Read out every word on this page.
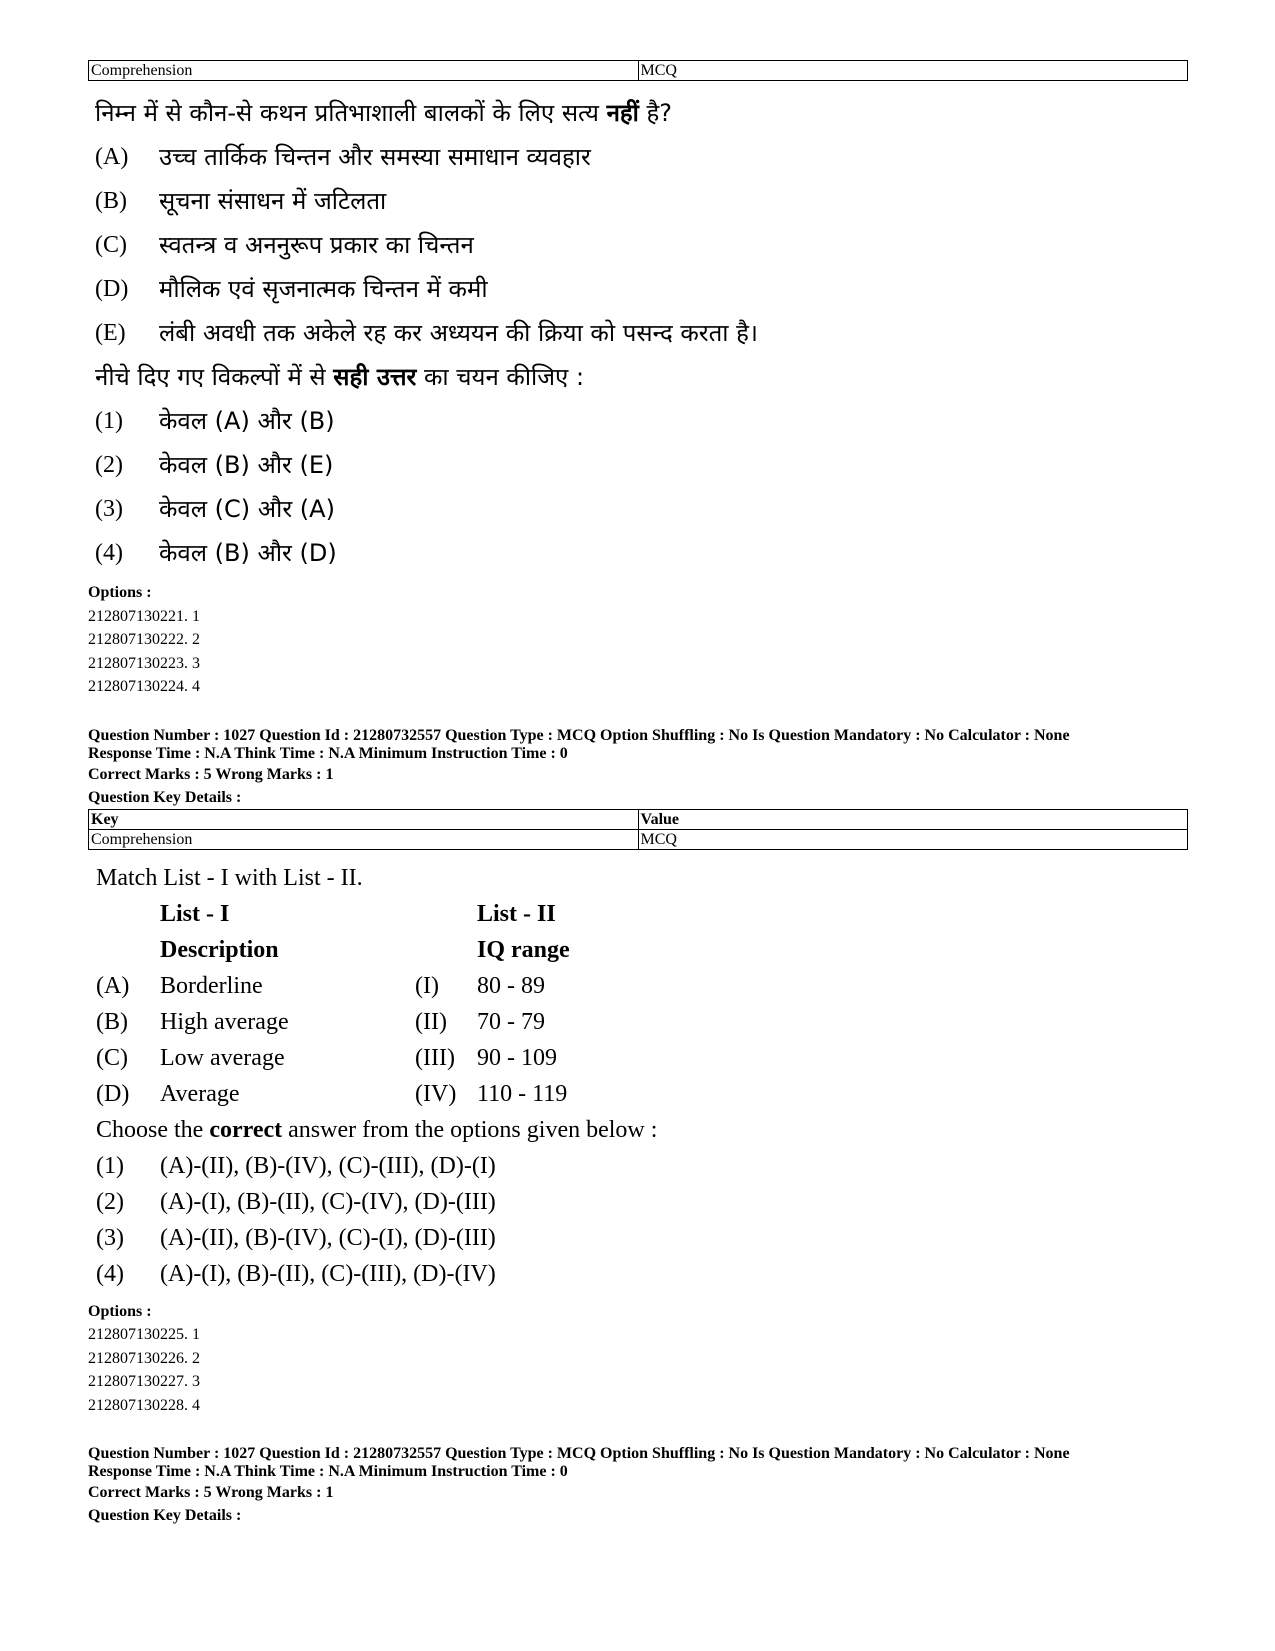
Comprehension	MCQ
निम्न में से कौन-से कथन प्रतिभाशाली बालकों के लिए सत्य नहीं है?
(A)	उच्च तार्किक चिन्तन और समस्या समाधान व्यवहार
(B)	सूचना संसाधन में जटिलता
(C)	स्वतन्त्र व अननुरूप प्रकार का चिन्तन
(D)	मौलिक एवं सृजनात्मक चिन्तन में कमी
(E)	लंबी अवधी तक अकेले रह कर अध्ययन की क्रिया को पसन्द करता है।
नीचे दिए गए विकल्पों में से सही उत्तर का चयन कीजिए :
(1)	केवल (A) और (B)
(2)	केवल (B) और (E)
(3)	केवल (C) और (A)
(4)	केवल (B) और (D)
Options :
212807130221. 1
212807130222. 2
212807130223. 3
212807130224. 4
Question Number : 1027 Question Id : 21280732557 Question Type : MCQ Option Shuffling : No Is Question Mandatory : No Calculator : None
Response Time : N.A Think Time : N.A Minimum Instruction Time : 0
Correct Marks : 5 Wrong Marks : 1
Question Key Details :
Key	Value
Comprehension	MCQ
Match List - I with List - II.
List - I	List - II
Description	IQ range
(A)	Borderline	(I)	80 - 89
(B)	High average	(II)	70 - 79
(C)	Low average	(III) 90 - 109
(D)	Average	(IV) 110 - 119
Choose the correct answer from the options given below :
(1)	(A)-(II), (B)-(IV), (C)-(III), (D)-(I)
(2)	(A)-(I), (B)-(II), (C)-(IV), (D)-(III)
(3)	(A)-(II), (B)-(IV), (C)-(I), (D)-(III)
(4)	(A)-(I), (B)-(II), (C)-(III), (D)-(IV)
Options :
212807130225. 1
212807130226. 2
212807130227. 3
212807130228. 4
Question Number : 1027 Question Id : 21280732557 Question Type : MCQ Option Shuffling : No Is Question Mandatory : No Calculator : None
Response Time : N.A Think Time : N.A Minimum Instruction Time : 0
Correct Marks : 5 Wrong Marks : 1
Question Key Details :
